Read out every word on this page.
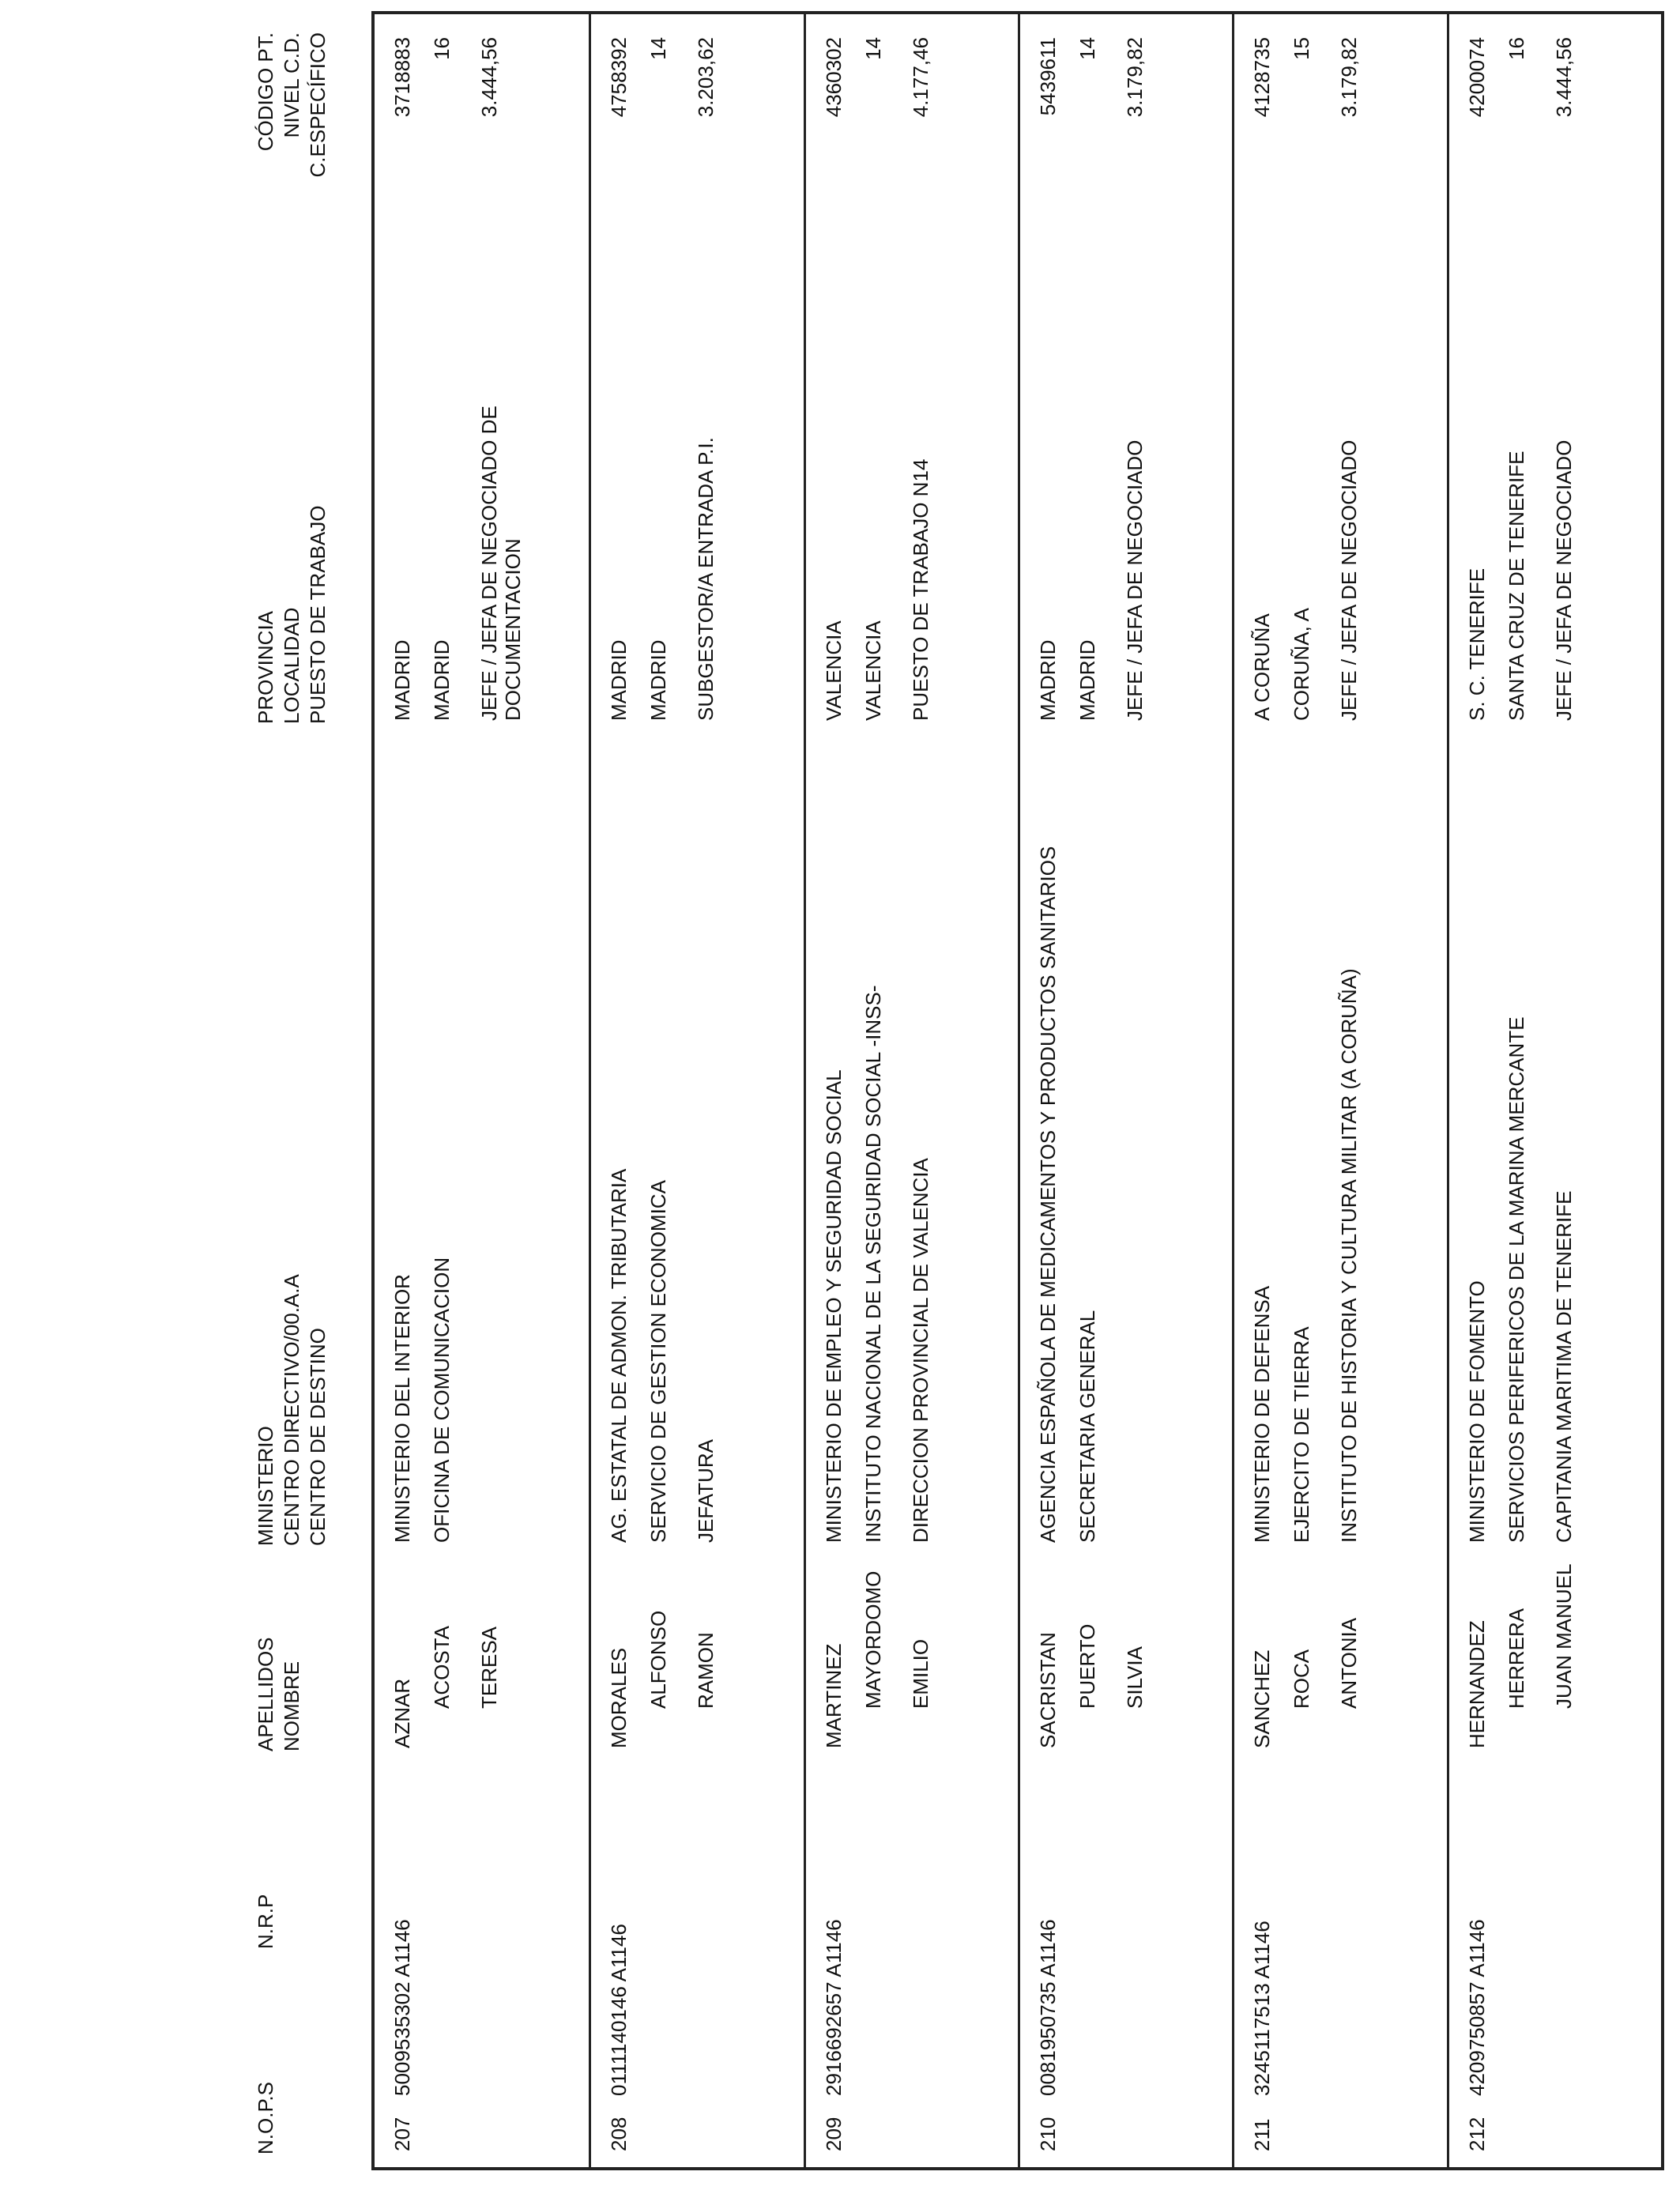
N.O.P.S
N.R.P
APELLIDOS
NOMBRE
MINISTERIO
CENTRO DIRECTIVO/00.A.A
CENTRO DE DESTINO
PROVINCIA
LOCALIDAD
PUESTO DE TRABAJO
CÓDIGO PT.
NIVEL C.D.
C.ESPECÍFICO
207
5009535302 A1146
AZNAR
ACOSTA TERESA
MINISTERIO DEL INTERIOR OFICINA DE COMUNICACION
MADRID MADRID JEFE / JEFA DE NEGOCIADO DE DOCUMENTACION
3718883 16 3.444,56
208
0111140146 A1146
MORALES ALFONSO RAMON
AG. ESTATAL DE ADMON. TRIBUTARIA SERVICIO DE GESTION ECONOMICA JEFATURA
MADRID MADRID SUBGESTOR/A ENTRADA P.I.
4758392 14 3.203,62
209
2916692657 A1146
MARTINEZ MAYORDOMO EMILIO
MINISTERIO DE EMPLEO Y SEGURIDAD SOCIAL INSTITUTO NACIONAL DE LA SEGURIDAD SOCIAL -INSS- DIRECCION PROVINCIAL DE VALENCIA
VALENCIA VALENCIA PUESTO DE TRABAJO N14
4360302 14 4.177,46
210
0081950735 A1146
SACRISTAN PUERTO SILVIA
AGENCIA ESPAÑOLA DE MEDICAMENTOS Y PRODUCTOS SANITARIOS SECRETARIA GENERAL
MADRID MADRID JEFE / JEFA DE NEGOCIADO
5439611 14 3.179,82
211
3245117513 A1146
SANCHEZ ROCA ANTONIA
MINISTERIO DE DEFENSA EJERCITO DE TIERRA INSTITUTO DE HISTORIA Y CULTURA MILITAR (A CORUÑA)
A CORUÑA CORUÑA, A JEFE / JEFA DE NEGOCIADO
4128735 15 3.179,82
212
4209750857 A1146
HERNANDEZ HERRERA JUAN MANUEL
MINISTERIO DE FOMENTO SERVICIOS PERIFERICOS DE LA MARINA MERCANTE CAPITANIA MARITIMA DE TENERIFE
S. C. TENERIFE SANTA CRUZ DE TENERIFE JEFE / JEFA DE NEGOCIADO
4200074 16 3.444,56
